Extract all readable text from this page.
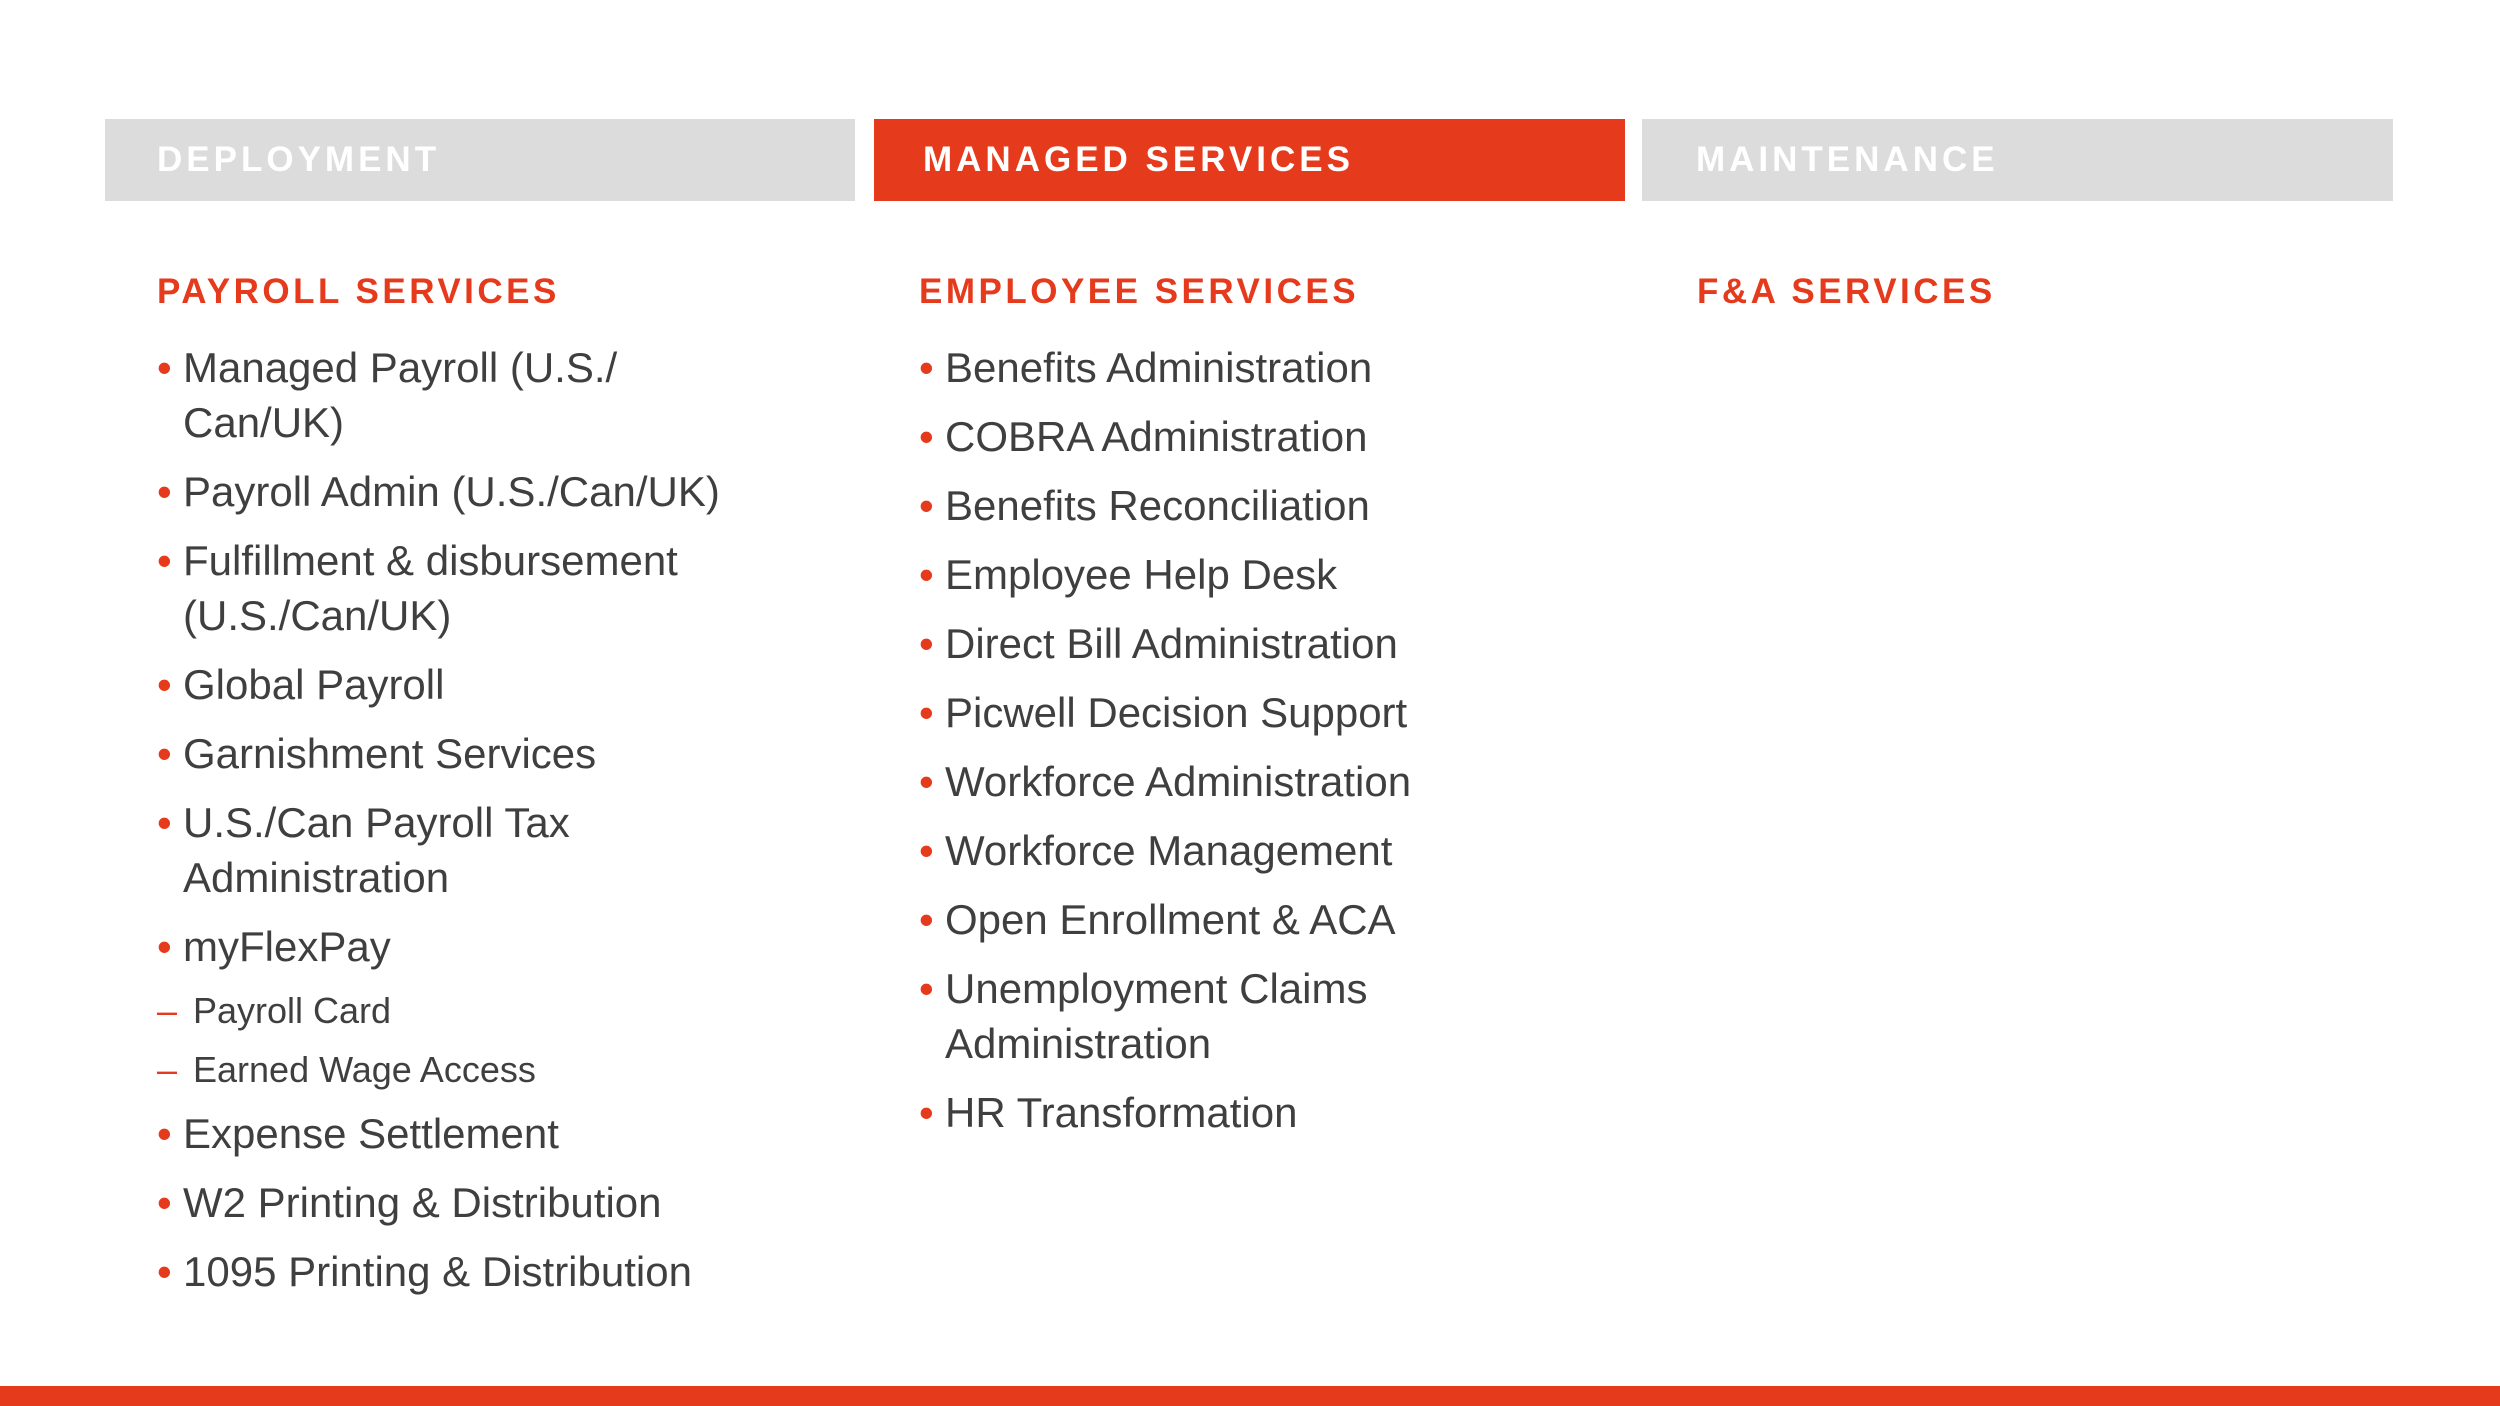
DEPLOYMENT	MANAGED SERVICES	MAINTENANCE
PAYROLL SERVICES
• Managed Payroll (U.S./
Can/UK)
• Payroll Admin (U.S./Can/UK)
• Fulfillment & disbursement
(U.S./Can/UK)
• Global Payroll
• Garnishment Services
• U.S./Can Payroll Tax
Administration
• myFlexPay
– Payroll Card
– Earned Wage Access
• Expense Settlement
• W2 Printing & Distribution
• 1095 Printing & Distribution
EMPLOYEE SERVICES
• Benefits Administration
• COBRA Administration
• Benefits Reconciliation
• Employee Help Desk
• Direct Bill Administration
• Picwell Decision Support
• Workforce Administration
• Workforce Management
• Open Enrollment & ACA
• Unemployment Claims
Administration
• HR Transformation
F&A SERVICES
